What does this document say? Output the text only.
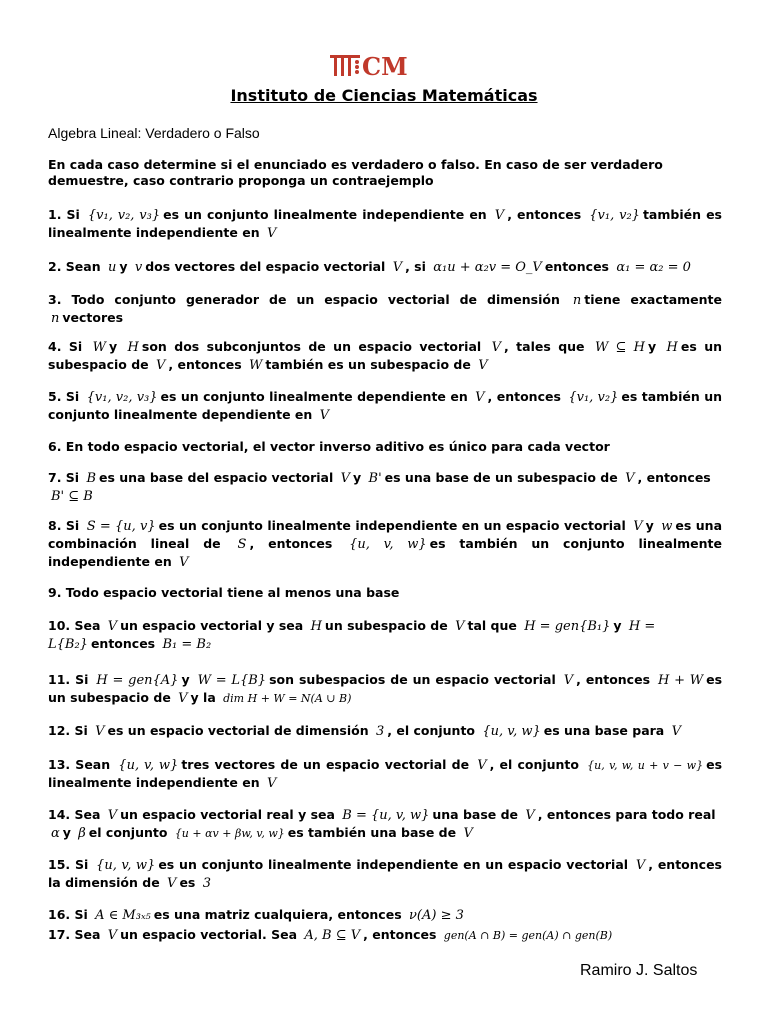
CM
Instituto de Ciencias Matemáticas
Algebra Lineal: Verdadero o Falso
En cada caso determine si el enunciado es verdadero o falso. En caso de ser verdadero demuestre, caso contrario proponga un contraejemplo
1. Si {v₁, v₂, v₃} es un conjunto linealmente independiente en V , entonces {v₁, v₂} también es linealmente independiente en V
2. Sean u y v dos vectores del espacio vectorial V , si α₁u + α₂v = O_V entonces α₁ = α₂ = 0
3. Todo conjunto generador de un espacio vectorial de dimensión n tiene exactamente n vectores
4. Si W y H son dos subconjuntos de un espacio vectorial V , tales que W ⊆ H y H es un subespacio de V , entonces W también es un subespacio de V
5. Si {v₁, v₂, v₃} es un conjunto linealmente dependiente en V , entonces {v₁, v₂} es también un conjunto linealmente dependiente en V
6. En todo espacio vectorial, el vector inverso aditivo es único para cada vector
7. Si B es una base del espacio vectorial V y B' es una base de un subespacio de V , entonces B' ⊆ B
8. Si S = {u, v} es un conjunto linealmente independiente en un espacio vectorial V y w es una combinación lineal de S , entonces {u, v, w} es también un conjunto linealmente independiente en V
9. Todo espacio vectorial tiene al menos una base
10. Sea V un espacio vectorial y sea H un subespacio de V tal que H = gen{B₁} y H = L{B₂} entonces B₁ = B₂
11. Si H = gen{A} y W = L{B} son subespacios de un espacio vectorial V , entonces H + W es un subespacio de V y la dim H + W = N(A ∪ B)
12. Si V es un espacio vectorial de dimensión 3 , el conjunto {u, v, w} es una base para V
13. Sean {u, v, w} tres vectores de un espacio vectorial de V , el conjunto {u, v, w, u + v − w} es linealmente independiente en V
14. Sea V un espacio vectorial real y sea B = {u, v, w} una base de V , entonces para todo real α y β el conjunto {u + αv + βw, v, w} es también una base de V
15. Si {u, v, w} es un conjunto linealmente independiente en un espacio vectorial V , entonces la dimensión de V es 3
16. Si A ∈ M₃ₓ₅ es una matriz cualquiera, entonces ν(A) ≥ 3
17. Sea V un espacio vectorial. Sea A, B ⊆ V , entonces gen(A ∩ B) = gen(A) ∩ gen(B)
Ramiro J. Saltos
